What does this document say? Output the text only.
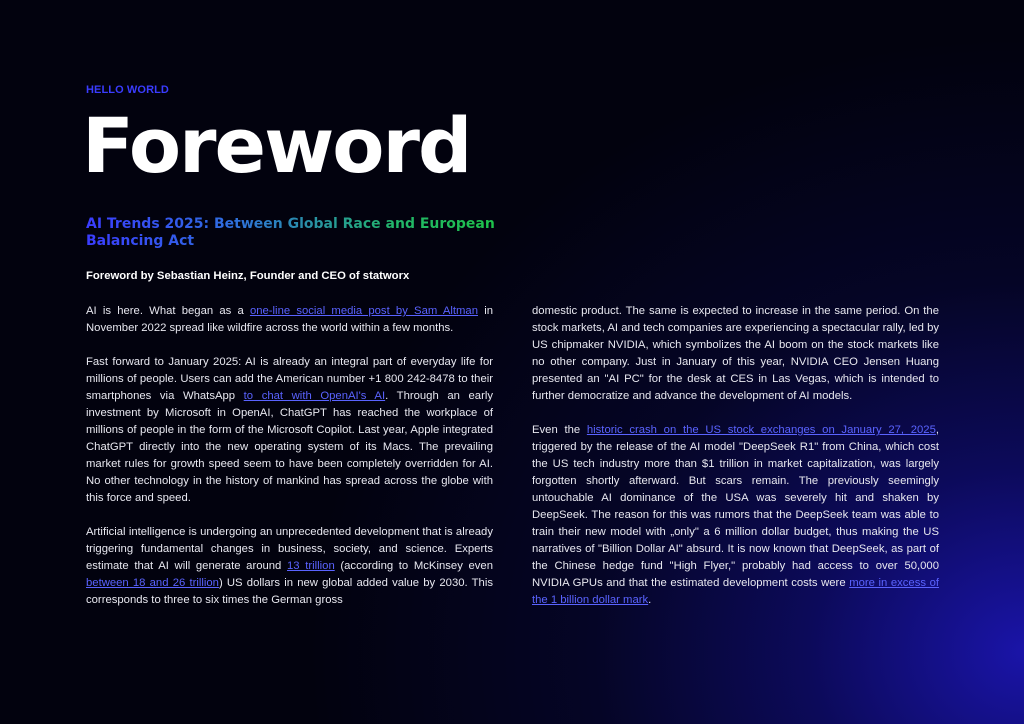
HELLO WORLD
Foreword
AI Trends 2025: Between Global Race and European Balancing Act
Foreword by Sebastian Heinz, Founder and CEO of statworx

AI is here. What began as a one-line social media post by Sam Altman in November 2022 spread like wildfire across the world within a few months.

Fast forward to January 2025: AI is already an integral part of everyday life for millions of people. Users can add the American number +1 800 242-8478 to their smartphones via WhatsApp to chat with OpenAI's AI. Through an early investment by Microsoft in OpenAI, ChatGPT has reached the workplace of millions of people in the form of the Microsoft Copilot. Last year, Apple integrated ChatGPT directly into the new operating system of its Macs. The prevailing market rules for growth speed seem to have been completely overridden for AI. No other technology in the history of mankind has spread across the globe with this force and speed.

Artificial intelligence is undergoing an unprecedented development that is already triggering fundamental changes in business, society, and science. Experts estimate that AI will generate around 13 trillion (according to McKinsey even between 18 and 26 trillion) US dollars in new global added value by 2030. This corresponds to three to six times the German gross

domestic product. The same is expected to increase in the same period. On the stock markets, AI and tech companies are experiencing a spectacular rally, led by US chipmaker NVIDIA, which symbolizes the AI boom on the stock markets like no other company. Just in January of this year, NVIDIA CEO Jensen Huang presented an "AI PC" for the desk at CES in Las Vegas, which is intended to further democratize and advance the development of AI models.

Even the historic crash on the US stock exchanges on January 27, 2025, triggered by the release of the AI model "DeepSeek R1" from China, which cost the US tech industry more than $1 trillion in market capitalization, was largely forgotten shortly afterward. But scars remain. The previously seemingly untouchable AI dominance of the USA was severely hit and shaken by DeepSeek. The reason for this was rumors that the DeepSeek team was able to train their new model with „only" a 6 million dollar budget, thus making the US narratives of "Billion Dollar AI" absurd. It is now known that DeepSeek, as part of the Chinese hedge fund "High Flyer," probably had access to over 50,000 NVIDIA GPUs and that the estimated development costs were more in excess of the 1 billion dollar mark.
